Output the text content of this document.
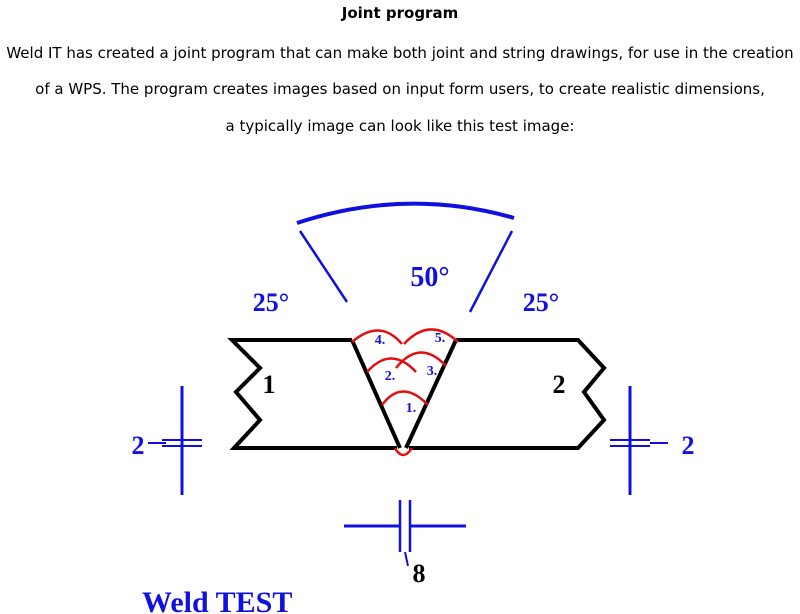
Joint program
Weld IT has created a joint program that can make both joint and string drawings, for use in the creation
of a WPS. The program creates images based on input form users, to create realistic dimensions,
a typically image can look like this test image:
50°
25°	25°
1.
2. 3.
4.	5.
1	2
2	2
8
Weld TEST
